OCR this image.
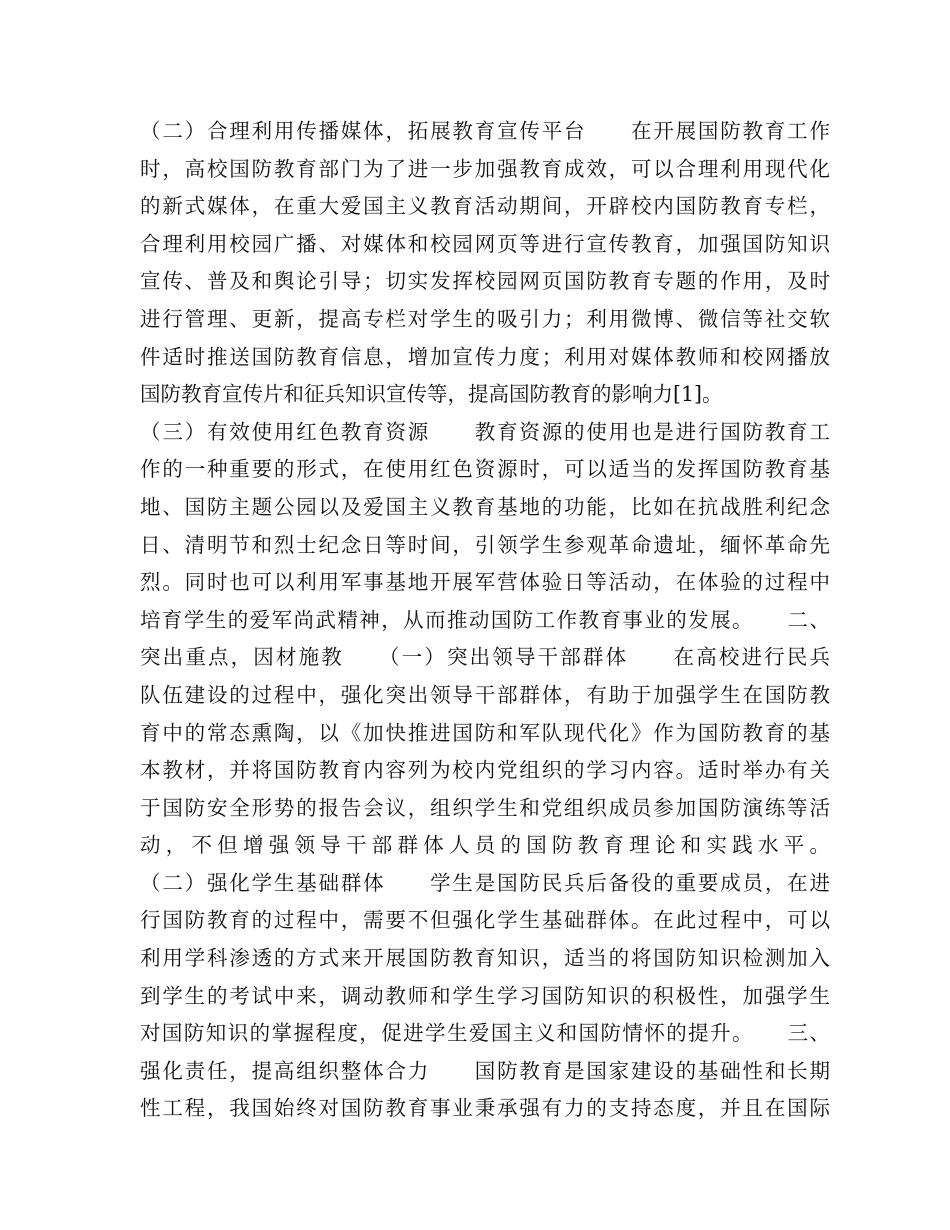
（二）合理利用传播媒体，拓展教育宣传平台　　在开展国防教育工作
时，高校国防教育部门为了进一步加强教育成效，可以合理利用现代化
的新式媒体，在重大爱国主义教育活动期间，开辟校内国防教育专栏，
合理利用校园广播、对媒体和校园网页等进行宣传教育，加强国防知识
宣传、普及和舆论引导；切实发挥校园网页国防教育专题的作用，及时
进行管理、更新，提高专栏对学生的吸引力；利用微博、微信等社交软
件适时推送国防教育信息，增加宣传力度；利用对媒体教师和校网播放
国防教育宣传片和征兵知识宣传等，提高国防教育的影响力[1]。
（三）有效使用红色教育资源　　教育资源的使用也是进行国防教育工
作的一种重要的形式，在使用红色资源时，可以适当的发挥国防教育基
地、国防主题公园以及爱国主义教育基地的功能，比如在抗战胜利纪念
日、清明节和烈士纪念日等时间，引领学生参观革命遗址，缅怀革命先
烈。同时也可以利用军事基地开展军营体验日等活动，在体验的过程中
培育学生的爱军尚武精神，从而推动国防工作教育事业的发展。　　二、
突出重点，因材施教　　（一）突出领导干部群体　　在高校进行民兵
队伍建设的过程中，强化突出领导干部群体，有助于加强学生在国防教
育中的常态熏陶，以《加快推进国防和军队现代化》作为国防教育的基
本教材，并将国防教育内容列为校内党组织的学习内容。适时举办有关
于国防安全形势的报告会议，组织学生和党组织成员参加国防演练等活
动，不但增强领导干部群体人员的国防教育理论和实践水平。
（二）强化学生基础群体　　学生是国防民兵后备役的重要成员，在进
行国防教育的过程中，需要不但强化学生基础群体。在此过程中，可以
利用学科渗透的方式来开展国防教育知识，适当的将国防知识检测加入
到学生的考试中来，调动教师和学生学习国防知识的积极性，加强学生
对国防知识的掌握程度，促进学生爱国主义和国防情怀的提升。　　三、
强化责任，提高组织整体合力　　国防教育是国家建设的基础性和长期
性工程，我国始终对国防教育事业秉承强有力的支持态度，并且在国际
